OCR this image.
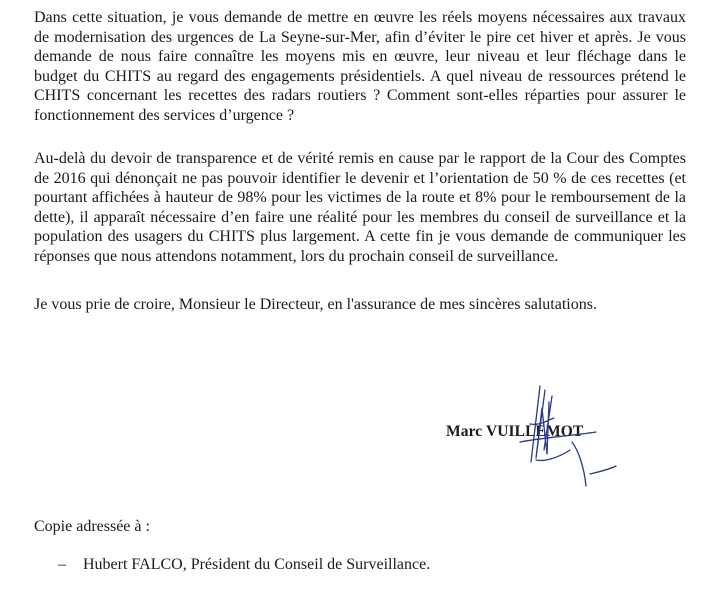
Dans cette situation, je vous demande de mettre en œuvre les réels moyens nécessaires aux travaux de modernisation des urgences de La Seyne-sur-Mer, afin d’éviter le pire cet hiver et après. Je vous demande de nous faire connaître les moyens mis en œuvre, leur niveau et leur fléchage dans le budget du CHITS au regard des engagements présidentiels. A quel niveau de ressources prétend le CHITS concernant les recettes des radars routiers ? Comment sont-elles réparties pour assurer le fonctionnement des services d’urgence ?

Au-delà du devoir de transparence et de vérité remis en cause par le rapport de la Cour des Comptes de 2016 qui dénonçait ne pas pouvoir identifier le devenir et l’orientation de 50 % de ces recettes (et pourtant affichées à hauteur de 98% pour les victimes de la route et 8% pour le remboursement de la dette), il apparaît nécessaire d’en faire une réalité pour les membres du conseil de surveillance et la population des usagers du CHITS plus largement. A cette fin je vous demande de communiquer les réponses que nous attendons notamment, lors du prochain conseil de surveillance.

Je vous prie de croire, Monsieur le Directeur, en l'assurance de mes sincères salutations.

Marc VUILLEMOT

Copie adressée à :

– Hubert FALCO, Président du Conseil de Surveillance.
